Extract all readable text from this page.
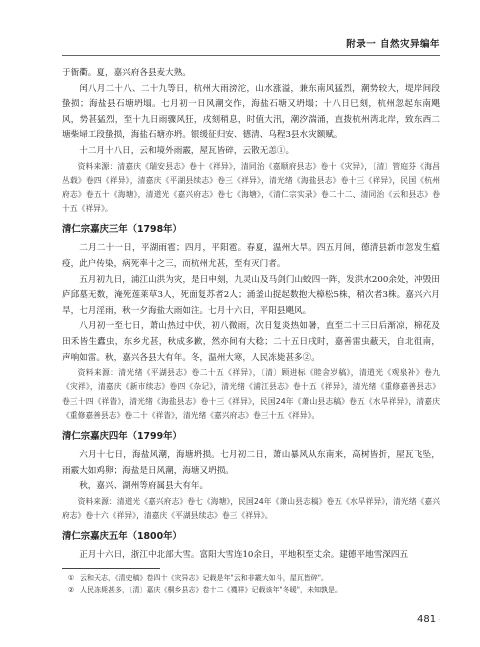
附录一 自然灾异编年

于衙衢。夏，嘉兴府各县麦大熟。

闰八月二十八、二十九等日，杭州大雨滂沱，山水涨溢，兼东南风猛烈，潮势较大，堤岸间段蛰损；海盐县石塘坍塌。七月初一日风潮交作，海盐石塘又坍塌；十八日巳刻，杭州忽起东南飓风，势甚猛烈，至十九日雨骤风狂，戌刻稍息，时值大汛，潮汐湍涌，直拨杭州湾北岸，致东西二塘柴埽工段蛰损，海盐石塘亦坍。银缓征归安、德清、乌程3县水灾额赋。

十二月十八日，云和境外雨霰，屋瓦皆碎，云散无恙①。

资料来源：清嘉庆《瑞安县志》卷十《祥异》，清同治《嘉顺府县志》卷十《灾异》，〔清〕管庭芬《海昌丛载》卷四《祥异》，清嘉庆《平湖县续志》卷三《祥异》，清光绪《海盐县志》卷十三《祥异》，民国《杭州府志》卷五十《海塘》，清道光《嘉兴府志》卷七《海塘》，《清仁宗实录》卷二十二、清同治《云和县志》卷十五《祥异》。

清仁宗嘉庆三年（1798年）

二月二十一日，平湖雨雹；四月，平阳雹。春夏，温州大旱。四五月间，德清县新市忽发生瘟疫，此户传染，病死率十之三，而杭州尤甚，至有灭门者。

五月初九日，浦江山洪为灾，是日申刻，九灵山及马剑门山蛟四一阵，发洪水200余处，冲毁田庐邱墓无数，淹死莲莱草3人，死面复苏者2人；涌釜山捉起数抱大樟松5株，稍次者3株。嘉兴六月旱，七月淫雨，秋一夕海盐大雨如注。七月十六日，平阳县飓风。

八月初一至七日，萧山热过中伏，初八微雨，次日复炎热如暑，直至二十三日后渐凉，棉花及田禾皆生蠹虫，东乡尤甚，秋成多歉，然亦间有大稔；二十五日戌时，嘉善雷虫蔽天，自北徂南，声响如雷。秋，嘉兴各县大有年。冬，温州大寒，人民冻毙甚多②。

资料来源：清光绪《平湖县志》卷二十五《祥异》，〔清〕顾进标《睦舍岁稿》，清道光《观泉补》卷九《灾祥》，清嘉庆《新市续志》卷四《杂记》，清光绪《浦江县志》卷十五《祥异》，清光绪《重修嘉善县志》卷三十四《祥眚》，清光绪《海盐县志》卷十三《祥异》，民国24年《萧山县志稿》卷五《水旱祥异》，清嘉庆《重修嘉善县志》卷二十《祥眚》，清光绪《嘉兴府志》卷三十五《祥异》。

清仁宗嘉庆四年（1799年）

六月十七日，海盐风潮，海塘坍损。七月初二日，萧山暴风从东南来，高树皆折，屋瓦飞坠，雨霰大如鸡卵；海盐是日风潮，海塘又坍损。

秋，嘉兴、湖州等府属县大有年。

资料来源：清道光《嘉兴府志》卷七《海塘》，民国24年《萧山县志稿》卷五《水旱祥异》，清光绪《嘉兴府志》卷十六《祥异》，清嘉庆《平湖县续志》卷三《祥异》。

清仁宗嘉庆五年（1800年）

正月十六日，浙江中北部大雪。富阳大雪连10余日，平地积至丈余。建德平地雪深四五

① 云和天志，《清史稿》卷四十《灾异志》记载是年"云和非霰大如斗，屋瓦皆碎"。
② 人民冻毙甚多，〔清〕嘉庆《桐乡县志》卷十二《禨祥》记载该年"冬暖"，未知孰是。
481 ·
